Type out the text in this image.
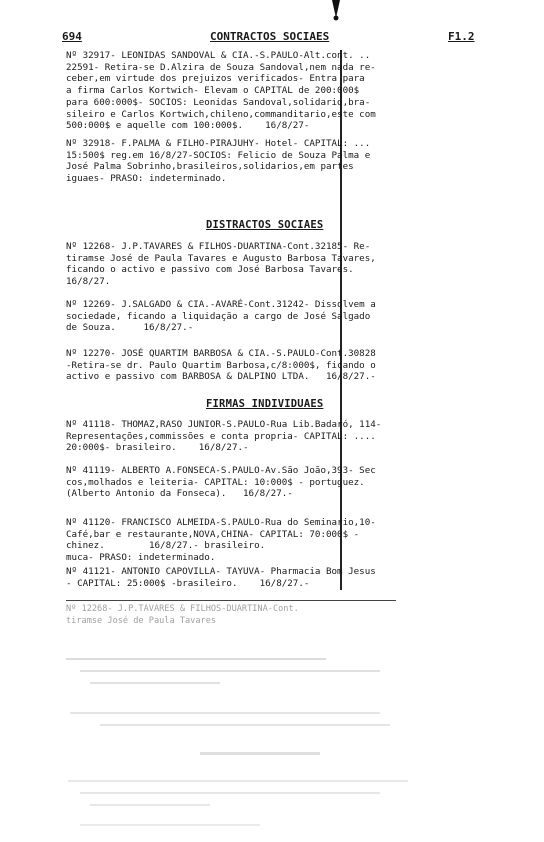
694	CONTRACTOS SOCIAES	F1.2
Nº 32917- LEONIDAS SANDOVAL & CIA.-S.PAULO-Alt.cont. ..
22591- Retira-se D.Alzira de Souza Sandoval,nem nada re-
ceber,em virtude dos prejuizos verificados- Entra para
a firma Carlos Kortwich- Elevam o CAPITAL de 200:000$
para 600:000$- SOCIOS: Leonidas Sandoval,solidario,bra-
sileiro e Carlos Kortwich,chileno,commanditario,este com
500:000$ e aquelle com 100:000$.    16/8/27-
Nº 32918- F.PALMA & FILHO-PIRAJUHY- Hotel- CAPITAL: ...
15:500$ reg.em 16/8/27-SOCIOS: Felicio de Souza Palma e
José Palma Sobrinho,brasileiros,solidarios,em partes
iguaes- PRASO: indeterminado.
DISTRACTOS SOCIAES
Nº 12268- J.P.TAVARES & FILHOS-DUARTINA-Cont.32185- Re-
tiramse José de Paula Tavares e Augusto Barbosa Tavares,
ficando o activo e passivo com José Barbosa Tavares.
16/8/27.
Nº 12269- J.SALGADO & CIA.-AVARÉ-Cont.31242- Dissolvem a
sociedade, ficando a liquidação a cargo de José Salgado
de Souza.     16/8/27.-
Nº 12270- JOSÉ QUARTIM BARBOSA & CIA.-S.PAULO-Cont.30828
-Retira-se dr. Paulo Quartim Barbosa,c/8:000$, ficando o
activo e passivo com BARBOSA & DALPINO LTDA.   16/8/27.-
FIRMAS INDIVIDUAES
Nº 41118- THOMAZ,RASO JUNIOR-S.PAULO-Rua Lib.Badaró, 114-
Representações,commissões e conta propria- CAPITAL: ....
20:000$- brasileiro.    16/8/27.-
Nº 41119- ALBERTO A.FONSECA-S.PAULO-Av.São João,393- Sec
cos,molhados e leiteria- CAPITAL: 10:000$ - portuguez.
(Alberto Antonio da Fonseca).   16/8/27.-
Nº 41120- FRANCISCO ALMEIDA-S.PAULO-Rua do Seminario,10-
Café,bar e restaurante,NOVA,CHINA- CAPITAL: 70:000$ -
chinez.        16/8/27.- brasileiro.
muca- PRASO: indeterminado.
Nº 41121- ANTONIO CAPOVILLA- TAYUVA- Pharmacia Bom Jesus
- CAPITAL: 25:000$ -brasileiro.    16/8/27.-
Nº 12268- J.P.TAVARES & FILHOS-DUARTINA-Cont.
tiramse José de Paula Tavares
